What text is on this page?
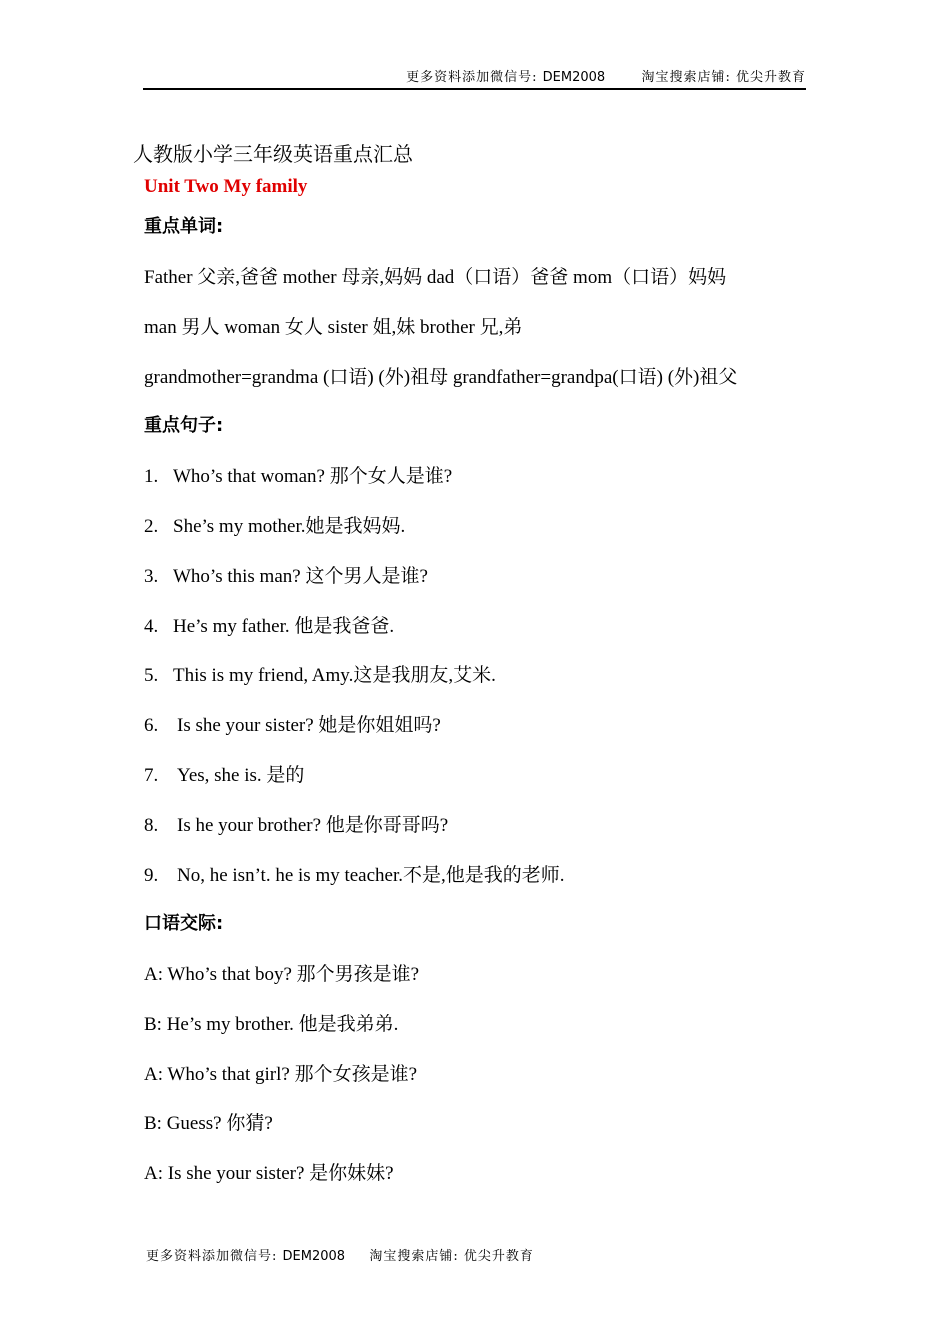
更多资料添加微信号: DEM2008	淘宝搜索店铺: 优尖升教育
人教版小学三年级英语重点汇总
Unit Two My family
重点单词:
Father 父亲,爸爸 mother 母亲,妈妈 dad（口语）爸爸 mom（口语）妈妈
man 男人 woman 女人 sister 姐,妹 brother 兄,弟
grandmother=grandma (口语) (外)祖母 grandfather=grandpa(口语) (外)祖父
重点句子:
1. Who’s that woman? 那个女人是谁?
2. She’s my mother.她是我妈妈.
3. Who’s this man? 这个男人是谁?
4. He’s my father. 他是我爸爸.
5. This is my friend, Amy.这是我朋友,艾米.
6. Is she your sister? 她是你姐姐吗?
7. Yes, she is. 是的
8. Is he your brother? 他是你哥哥吗?
9. No, he isn’t. he is my teacher.不是,他是我的老师.
口语交际:
A: Who’s that boy? 那个男孩是谁?
B: He’s my brother. 他是我弟弟.
A: Who’s that girl? 那个女孩是谁?
B: Guess? 你猜?
A: Is she your sister? 是你妹妹?
更多资料添加微信号: DEM2008 淘宝搜索店铺: 优尖升教育
